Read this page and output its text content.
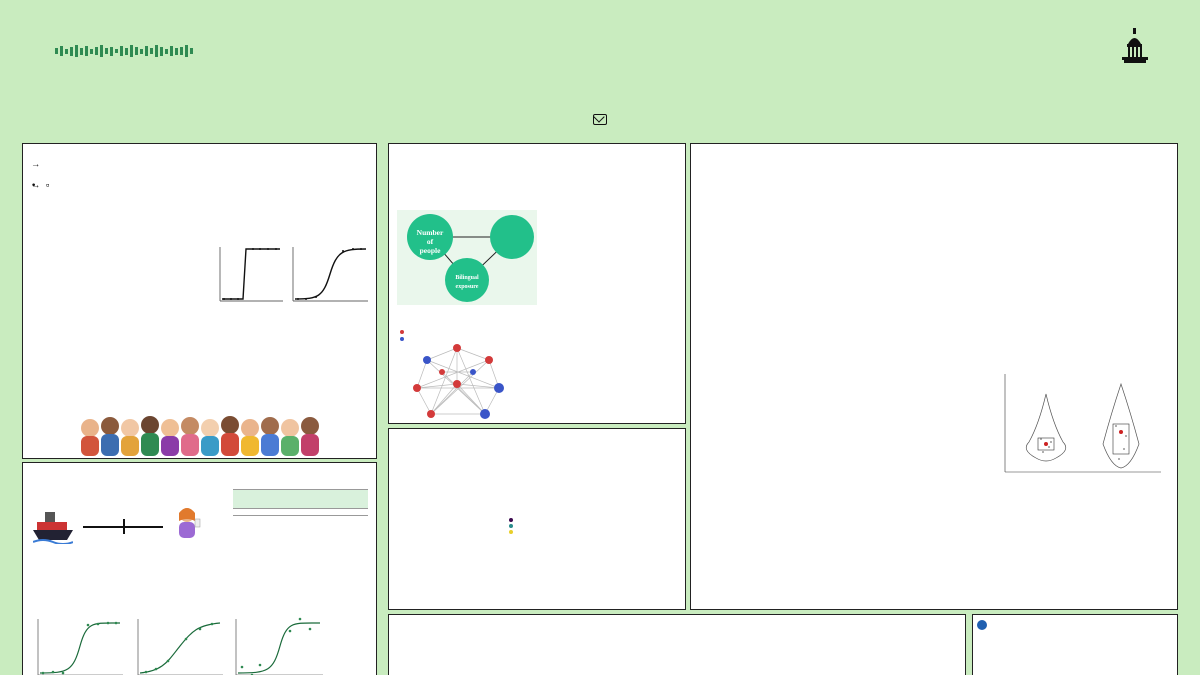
→
→

Number
of
people
Bilingual
exposure
